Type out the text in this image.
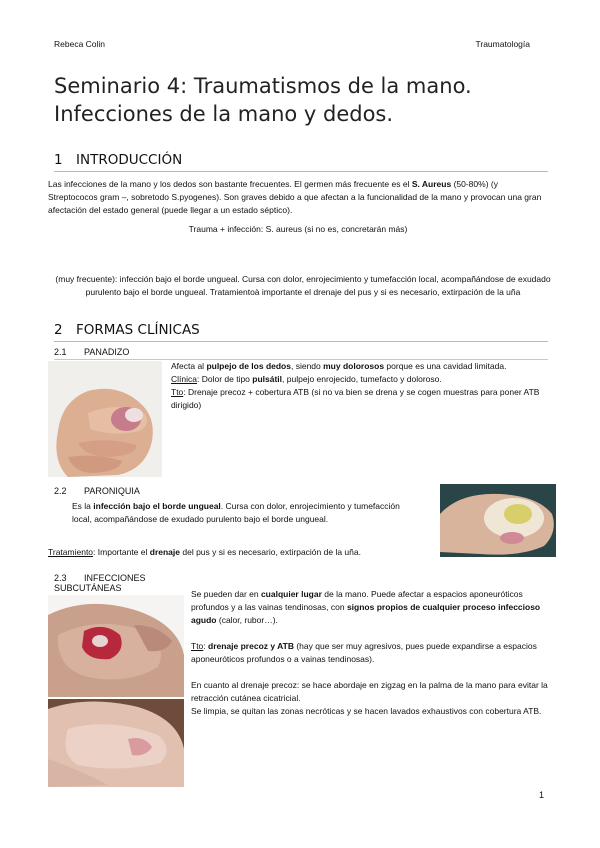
Rebeca Colin	Traumatología
Seminario 4: Traumatismos de la mano. Infecciones de la mano y dedos.
1 INTRODUCCIÓN
Las infecciones de la mano y los dedos son bastante frecuentes. El germen más frecuente es el S. Aureus (50-80%) (y Streptococos gram –, sobretodo S.pyogenes). Son graves debido a que afectan a la funcionalidad de la mano y provocan una gran afectación del estado general (puede llegar a un estado séptico).
Trauma + infección: S. aureus (si no es, concretarán más)
(muy frecuente): infección bajo el borde ungueal. Cursa con dolor, enrojecimiento y tumefacción local, acompañándose de exudado purulento bajo el borde ungueal. Tratamientoà importante el drenaje del pus y si es necesario, extirpación de la uña
2 FORMAS CLÍNICAS
2.1 PANADIZO
Afecta al pulpejo de los dedos, siendo muy dolorosos porque es una cavidad limitada.
Clínica: Dolor de tipo pulsátil, pulpejo enrojecido, tumefacto y doloroso.
Tto: Drenaje precoz + cobertura ATB (si no va bien se drena y se cogen muestras para poner ATB dirigido)
2.2 PARONIQUIA
Es la infección bajo el borde ungueal. Cursa con dolor, enrojecimiento y tumefacción local, acompañándose de exudado purulento bajo el borde ungueal.
Tratamiento: Importante el drenaje del pus y si es necesario, extirpación de la uña.
2.3 INFECCIONES SUBCUTÁNEAS
Se pueden dar en cualquier lugar de la mano. Puede afectar a espacios aponeuróticos profundos y a las vainas tendinosas, con signos propios de cualquier proceso infeccioso agudo (calor, rubor…).
Tto: drenaje precoz y ATB (hay que ser muy agresivos, pues puede expandirse a espacios aponeuróticos profundos o a vainas tendinosas).
En cuanto al drenaje precoz: se hace abordaje en zigzag en la palma de la mano para evitar la retracción cutánea cicatricial.
Se limpia, se quitan las zonas necróticas y se hacen lavados exhaustivos con cobertura ATB.
1
